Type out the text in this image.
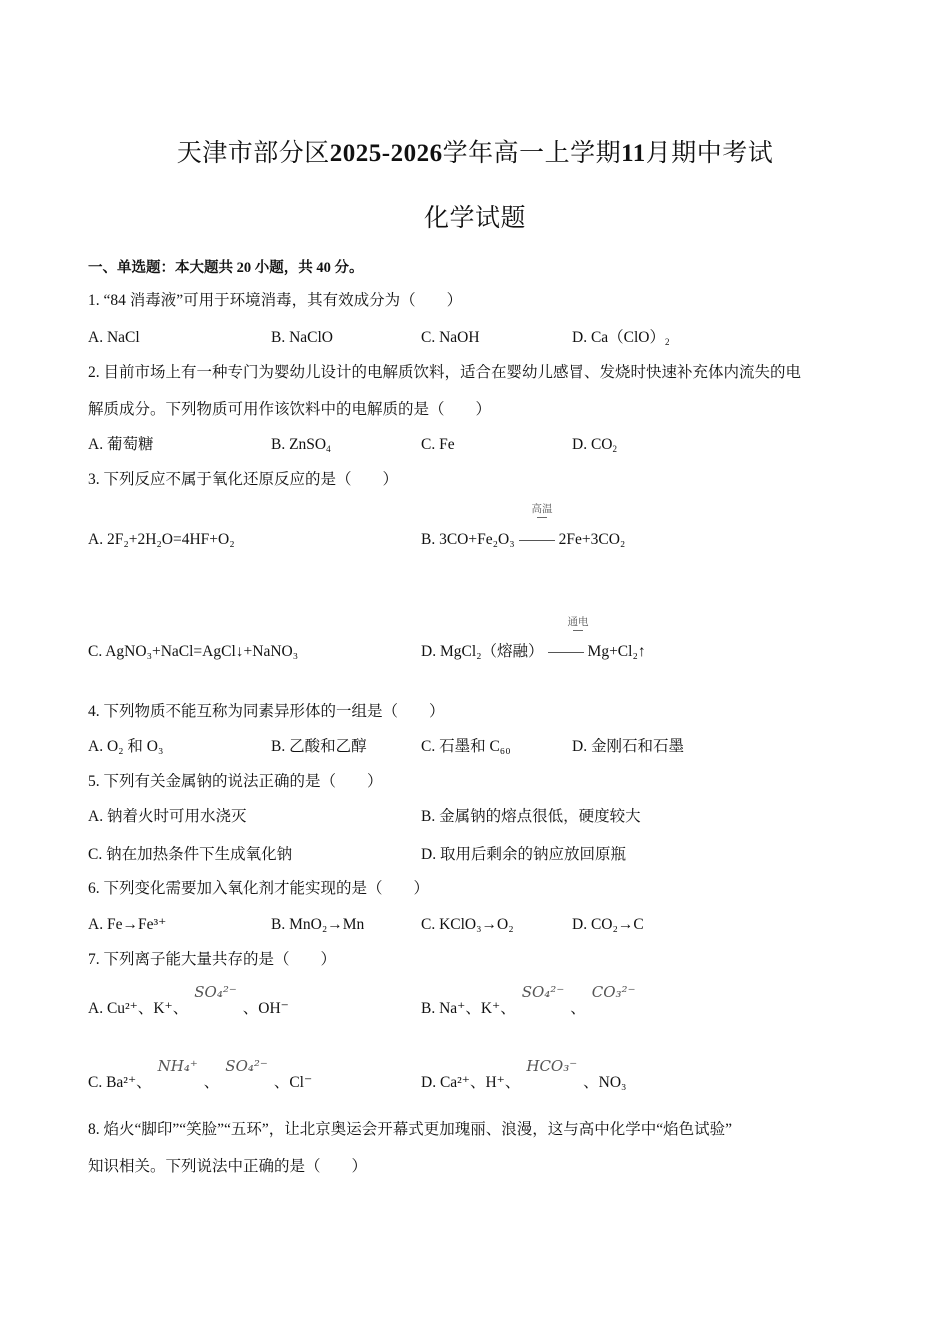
天津市部分区2025-2026学年高一上学期11月期中考试
化学试题
一、单选题：本大题共 20 小题，共 40 分。
1. “84 消毒液”可用于环境消毒，其有效成分为（　　）
A. NaCl	B. NaClO	C. NaOH	D. $Ca(ClO)_2$
2. 目前市场上有一种专门为婴幼儿设计的电解质饮料，适合在婴幼儿感冒、发烧时快速补充体内流失的电
解质成分。下列物质可用作该饮料中的电解质的是（　　）
A. 葡萄糖	B. ZnSO$_4$	C. Fe	D. $CO_2$
3. 下列反应不属于氧化还原反应的是（　　）
A. 2F₂+2H₂O=4HF+O₂
高温
B. 3CO+Fe₂O₃	2Fe+3CO₂
C. AgNO₃+NaCl=AgCl↓+NaNO₃
通电
D. MgCl₂（熔融）	Mg+Cl₂↑
4. 下列物质不能互称为同素异形体的一组是（　　）
A. O₂ 和 O₃	B. 乙酸和乙醇	C. 石墨和 C₆₀	D. 金刚石和石墨
5. 下列有关金属钠的说法正确的是（　　）
A. 钠着火时可用水浇灭	B. 金属钠的熔点很低，硬度较大
C. 钠在加热条件下生成氧化钠	D. 取用后剩余的钠应放回原瓶
6. 下列变化需要加入氧化剂才能实现的是（　　）
A. Fe→Fe³⁺	B. MnO₂→Mn	C. KClO₃→O₂	D. CO₂→C
7. 下列离子能大量共存的是（　　）
A. Cu²⁺、K⁺、SO₄²⁻、OH⁻	B. Na⁺、K⁺、SO₄²⁻、CO₃²⁻
C. Ba²⁺、NH₄⁺、SO₄²⁻、Cl⁻	D. Ca²⁺、H⁺、HCO₃⁻、NO₃
8. 焰火“脚印”“笑脸”“五环”，让北京奥运会开幕式更加瑰丽、浪漫，这与高中化学中“焰色试验”
知识相关。下列说法中正确的是（　　）
